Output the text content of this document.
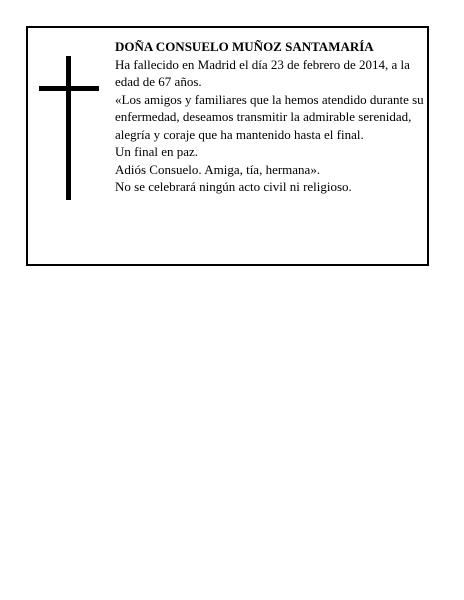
DOÑA CONSUELO MUÑOZ SANTAMARÍA

Ha fallecido en Madrid el día 23 de febrero de 2014, a la edad de 67 años.

«Los amigos y familiares que la hemos atendido durante su enfermedad, deseamos transmitir la admirable serenidad, alegría y coraje que ha mantenido hasta el final.

Un final en paz.

Adiós Consuelo. Amiga, tía, hermana».

No se celebrará ningún acto civil ni religioso.
